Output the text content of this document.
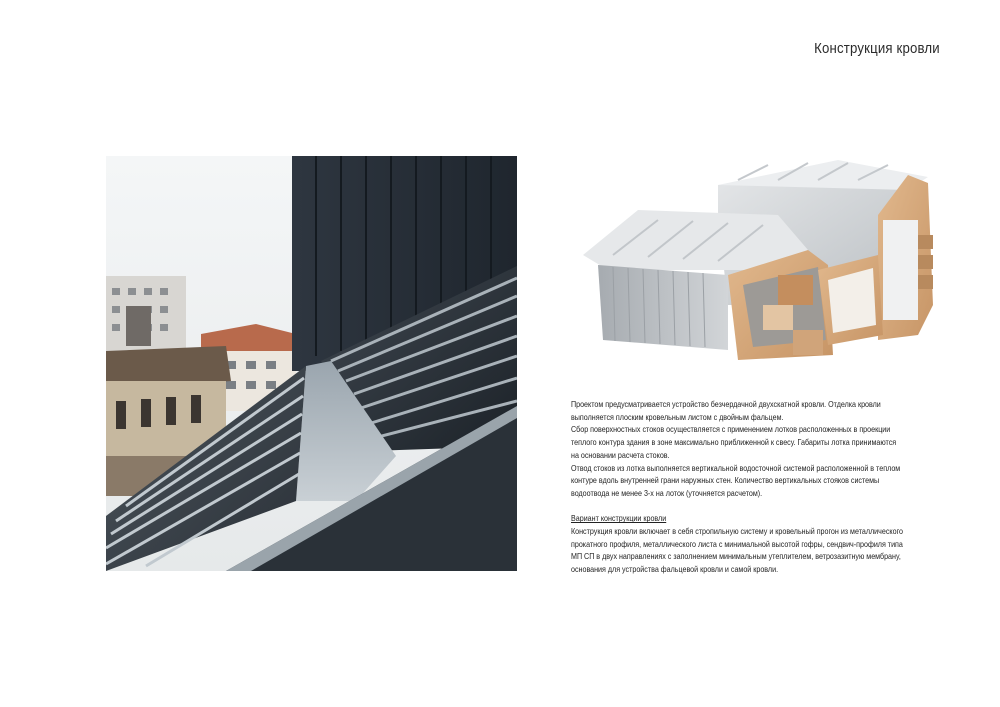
Конструкция кровли

Проектом предусматривается устройство безчердачной двухскатной кровли. Отделка кровли

выполняется плоским кровельным листом с двойным фальцем.

Сбор поверхностных стоков осуществляется с применением лотков расположенных в проекции

теплого контура здания в зоне максимально приближенной к свесу. Габариты лотка принимаются

на основании расчета стоков.

Отвод стоков из лотка выполняется вертикальной водосточной системой расположенной в теплом

контуре вдоль внутренней грани наружных стен. Количество вертикальных стояков системы

водоотвода не менее 3-х на лоток (уточняется расчетом).

Вариант конструкции кровли

Конструкция кровли включает в себя стропильную систему и кровельный прогон из металлического

прокатного профиля, металлического листа с минимальной высотой гофры, сендвич-профиля типа

МП СП в двух направлениях с заполнением минимальным утеплителем, ветрозазитную мембрану,

основания для устройства фальцевой кровли и самой кровли.
